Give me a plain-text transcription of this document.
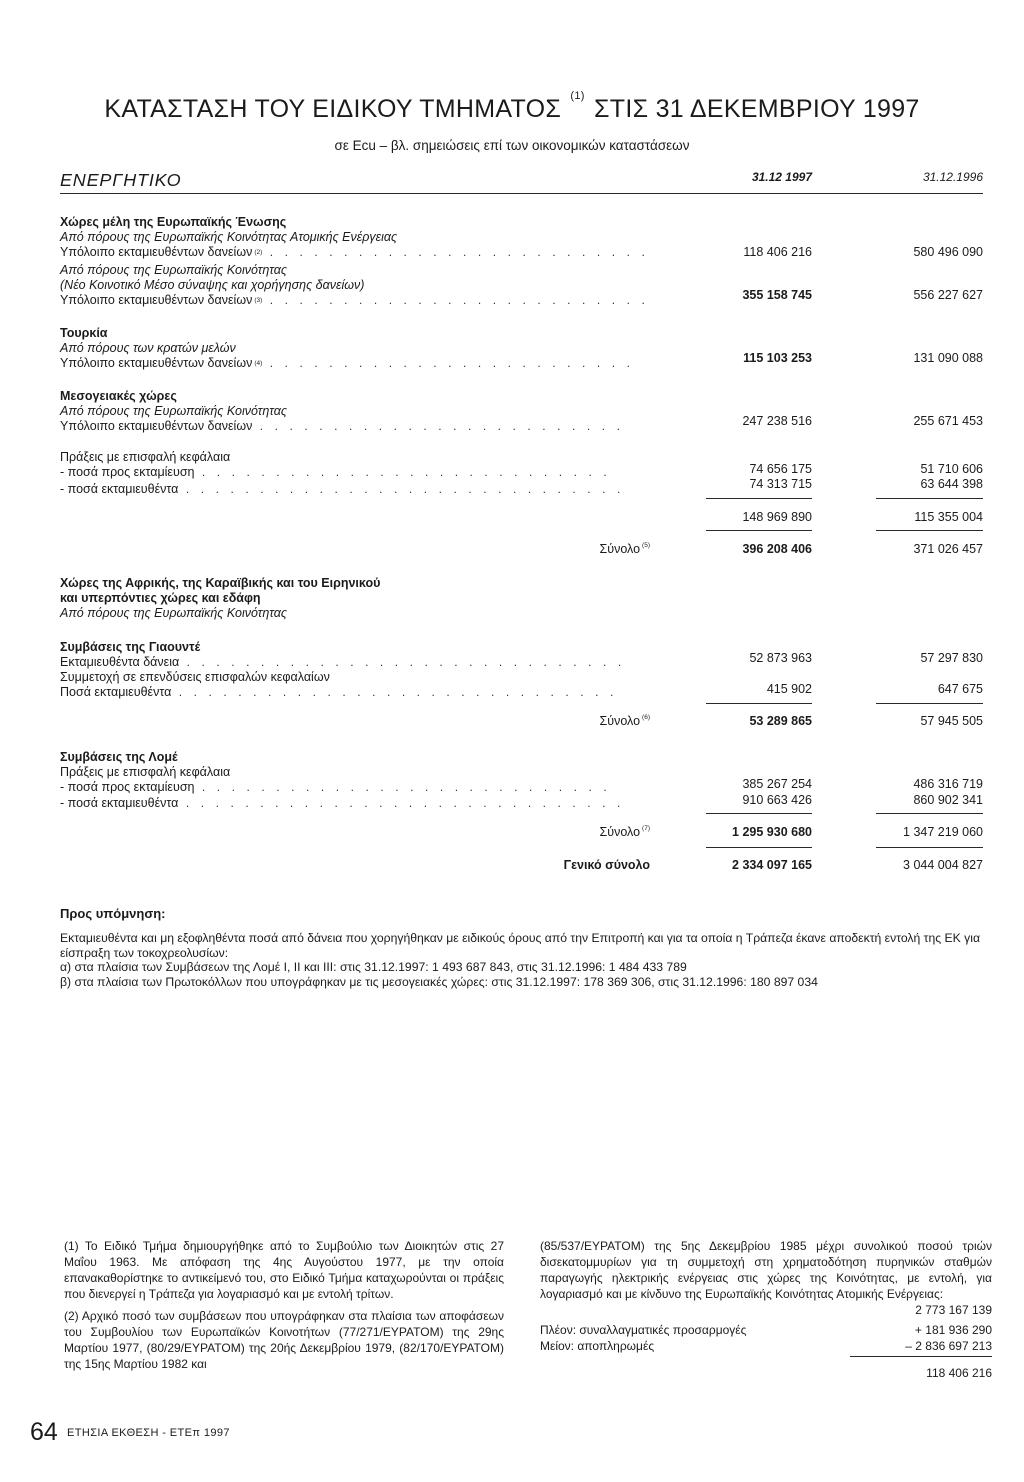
ΚΑΤΑΣΤΑΣΗ ΤΟΥ ΕΙΔΙΚΟΥ ΤΜΗΜΑΤΟΣ $^{(1)}$ ΣΤΙΣ 31 ΔΕΚΕΜΒΡΙΟΥ 1997
σε Ecu – βλ. σημειώσεις επί των οικονομικών καταστάσεων
ΕΝΕΡΓΗΤΙΚΟ	31.12 1997	31.12.1996
Χώρες μέλη της Ευρωπαϊκής Ένωσης
Από πόρους της Ευρωπαϊκής Κοινότητας Ατομικής Ενέργειας
Υπόλοιπο εκταμιευθέντων δανείων $^{(2)}$ . . . . . . . . . . . . . . . . . . . . . . . . . .	118 406 216	580 496 090
Από πόρους της Ευρωπαϊκής Κοινότητας
(Νέο Κοινοτικό Μέσο σύναψης και χορήγησης δανείων)
Υπόλοιπο εκταμιευθέντων δανείων $^{(3)}$ . . . . . . . . . . . . . . . . . . . . . . . . . .	355 158 745	556 227 627
Τουρκία
Από πόρους των κρατών μελών
Υπόλοιπο εκταμιευθέντων δανείων $^{(4)}$ . . . . . . . . . . . . . . . . . . . . . . . . .	115 103 253	131 090 088
Μεσογειακές χώρες
Από πόρους της Ευρωπαϊκής Κοινότητας
Υπόλοιπο εκταμιευθέντων δανείων . . . . . . . . . . . . . . . . . . . . . . . . .	247 238 516	255 671 453
Πράξεις με επισφαλή κεφάλαια
- ποσά προς εκταμίευση . . . . . . . . . . . . . . . . . . . . . . . . . . . .	74 656 175	51 710 606
- ποσά εκταμιευθέντα . . . . . . . . . . . . . . . . . . . . . . . . . . . . . .	74 313 715	63 644 398
148 969 890	115 355 004
Σύνολο $^{(5)}$	396 208 406	371 026 457
Χώρες της Αφρικής, της Καραϊβικής και του Ειρηνικού
και υπερπόντιες χώρες και εδάφη
Από πόρους της Ευρωπαϊκής Κοινότητας
Συμβάσεις της Γιαουντέ
Εκταμιευθέντα δάνεια . . . . . . . . . . . . . . . . . . . . . . . . . . . . . .	52 873 963	57 297 830
Συμμετοχή σε επενδύσεις επισφαλών κεφαλαίων
Ποσά εκταμιευθέντα . . . . . . . . . . . . . . . . . . . . . . . . . . . . . .	415 902	647 675
Σύνολο $^{(6)}$	53 289 865	57 945 505
Συμβάσεις της Λομέ
Πράξεις με επισφαλή κεφάλαια
- ποσά προς εκταμίευση . . . . . . . . . . . . . . . . . . . . . . . . . . . .	385 267 254	486 316 719
- ποσά εκταμιευθέντα . . . . . . . . . . . . . . . . . . . . . . . . . . . . . .	910 663 426	860 902 341
Σύνολο $^{(7)}$	1 295 930 680	1 347 219 060
Γενικό σύνολο	2 334 097 165	3 044 004 827
Προς υπόμνηση:

Εκταμιευθέντα και μη εξοφληθέντα ποσά από δάνεια που χορηγήθηκαν με ειδικούς όρους από την Επιτροπή και για τα οποία η Τράπεζα έκανε αποδεκτή εντολή της ΕΚ για είσπραξη των τοκοχρεολυσίων:

α) στα πλαίσια των Συμβάσεων της Λομέ I, II και III: στις 31.12.1997: 1 493 687 843, στις 31.12.1996: 1 484 433 789

β) στα πλαίσια των Πρωτοκόλλων που υπογράφηκαν με τις μεσογειακές χώρες: στις 31.12.1997: 178 369 306, στις 31.12.1996: 180 897 034

(1) Το Ειδικό Τμήμα δημιουργήθηκε από το Συμβούλιο των Διοικητών στις 27 Μαΐου 1963. Με απόφαση της 4ης Αυγούστου 1977, με την οποία επανακαθορίστηκε το αντικείμενό του, στο Ειδικό Τμήμα καταχωρούνται οι πράξεις που διενεργεί η Τράπεζα για λογαριασμό και με εντολή τρίτων.

(2) Αρχικό ποσό των συμβάσεων που υπογράφηκαν στα πλαίσια των αποφάσεων του Συμβουλίου των Ευρωπαϊκών Κοινοτήτων (77/271/ΕΥΡΑΤΟΜ) της 29ης Μαρτίου 1977, (80/29/ΕΥΡΑΤΟΜ) της 20ής Δεκεμβρίου 1979, (82/170/ΕΥΡΑΤΟΜ) της 15ης Μαρτίου 1982 και

(85/537/ΕΥΡΑΤΟΜ) της 5ης Δεκεμβρίου 1985 μέχρι συνολικού ποσού τριών δισεκατομμυρίων για τη συμμετοχή στη χρηματοδότηση πυρηνικών σταθμών παραγωγής ηλεκτρικής ενέργειας στις χώρες της Κοινότητας, με εντολή, για λογαριασμό και με κίνδυνο της Ευρωπαϊκής Κοινότητας Ατομικής Ενέργειας:
2 773 167 139
Πλέον: συναλλαγματικές προσαρμογές	+ 181 936 290
Μείον: αποπληρωμές	– 2 836 697 213
118 406 216
64 ΕΤΗΣΙΑ ΕΚΘΕΣΗ - ΕΤΕπ 1997
